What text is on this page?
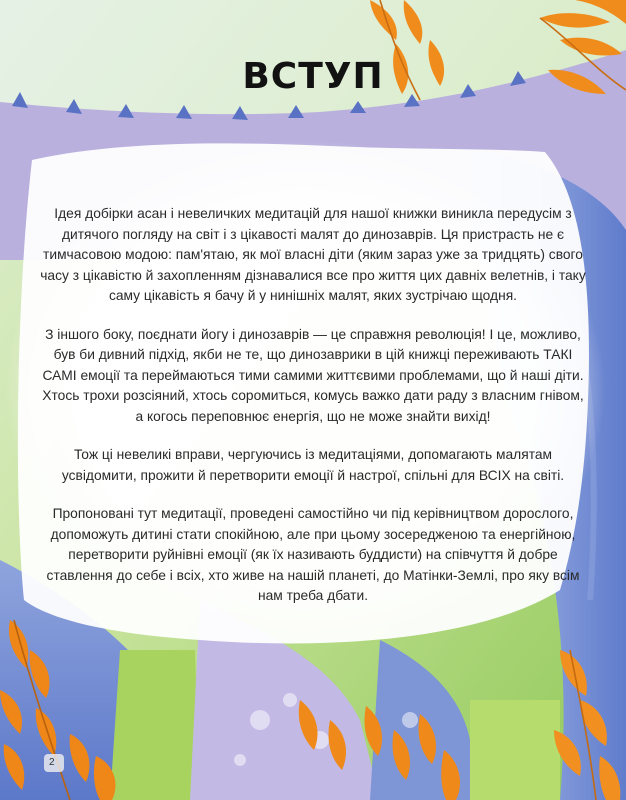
ВСТУП

Ідея добірки асан і невеличких медитацій для нашої книжки виникла передусім з дитячого погляду на світ і з цікавості малят до динозаврів. Ця пристрасть не є тимчасовою модою: пам'ятаю, як мої власні діти (яким зараз уже за тридцять) свого часу з цікавістю й захопленням дізнавалися все про життя цих давніх велетнів, і таку саму цікавість я бачу й у нинішніх малят, яких зустрічаю щодня.

З іншого боку, поєднати йогу і динозаврів — це справжня революція! І це, можливо, був би дивний підхід, якби не те, що динозаврики в цій книжці переживають ТАКІ САМІ емоції та переймаються тими самими життєвими проблемами, що й наші діти. Хтось трохи розсіяний, хтось соромиться, комусь важко дати раду з власним гнівом, а когось переповнює енергія, що не може знайти вихід!

Тож ці невеликі вправи, чергуючись із медитаціями, допомагають малятам усвідомити, прожити й перетворити емоції й настрої, спільні для ВСІХ на світі.

Пропоновані тут медитації, проведені самостійно чи під керівництвом дорослого, допоможуть дитині стати спокійною, але при цьому зосередженою та енергійною, перетворити руйнівні емоції (як їх називають буддисти) на співчуття й добре ставлення до себе і всіх, хто живе на нашій планеті, до Матінки-Землі, про яку всім нам треба дбати.

2
